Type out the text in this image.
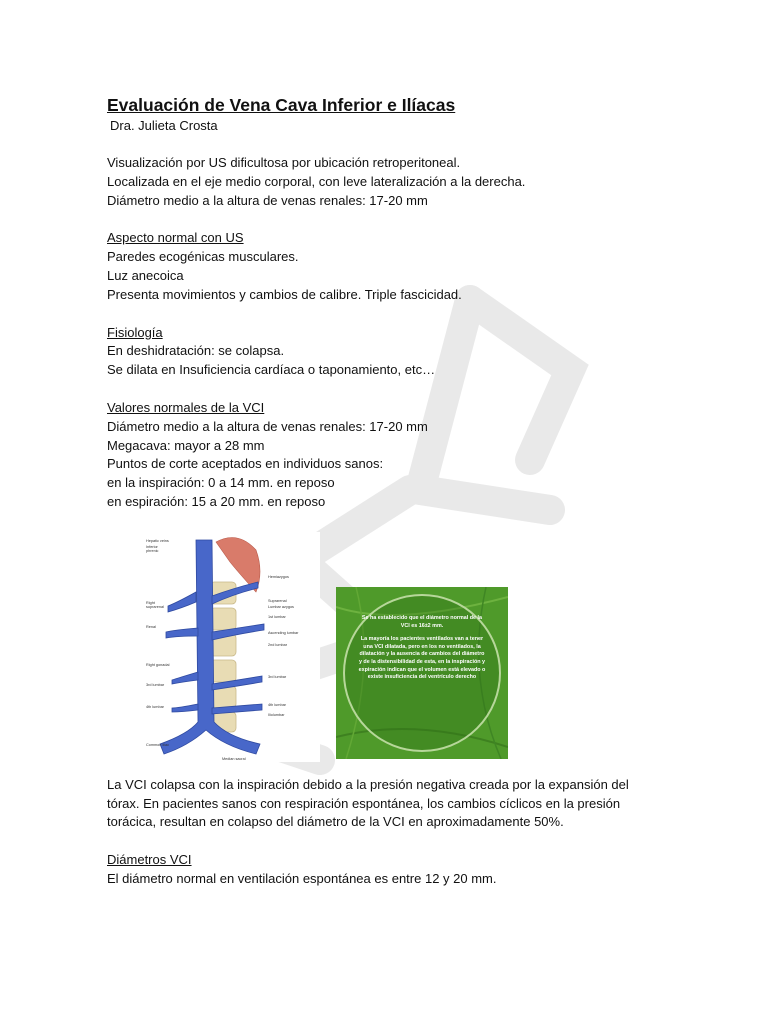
Evaluación de Vena Cava Inferior e Ilíacas

Dra. Julieta Crosta

Visualización por US dificultosa por ubicación retroperitoneal.

Localizada en el eje medio corporal, con leve lateralización a la derecha.

Diámetro medio a la altura de venas renales: 17-20 mm

Aspecto normal con US

Paredes ecogénicas musculares.

Luz anecoica

Presenta movimientos y cambios de calibre. Triple fascicidad.

Fisiología

En deshidratación: se colapsa.

Se dilata en Insuficiencia cardíaca o taponamiento, etc…

Valores normales de la VCI

Diámetro medio a la altura de venas renales: 17-20 mm

Megacava: mayor a 28 mm

Puntos de corte aceptados en individuos sanos:

en la inspiración: 0 a 14 mm. en reposo

en espiración: 15 a 20 mm. en reposo

La VCI colapsa con la inspiración debido a la presión negativa creada por la expansión del

tórax. En pacientes sanos con respiración espontánea, los cambios cíclicos en la presión

torácica, resultan en colapso del diámetro de la VCI en aproximadamente 50%.

Diámetros VCI

El diámetro normal en ventilación espontánea es entre 12 y 20 mm.

Hepatic veins
Inferior
phrenic
Hemiazygos
Suprarenal
Lumbar azygos
1st lumbar
Right
suprarenal
Renal
Ascending lumbar
2nd lumbar
Right gonadal
3rd lumbar
3rd lumbar
4th lumbar	4th lumbar
Iliolumbar
Common iliac
Median sacral
Se ha establecido que el diámetro normal de la VCI es 16±2 mm.
La mayoría los pacientes ventilados van a tener una VCI dilatada, pero en los no ventilados, la dilatación y la ausencia de cambios del diámetro y de la distensibilidad de esta, en la inspiración y expiración indican que el volumen está elevado o existe insuficiencia del ventrículo derecho
